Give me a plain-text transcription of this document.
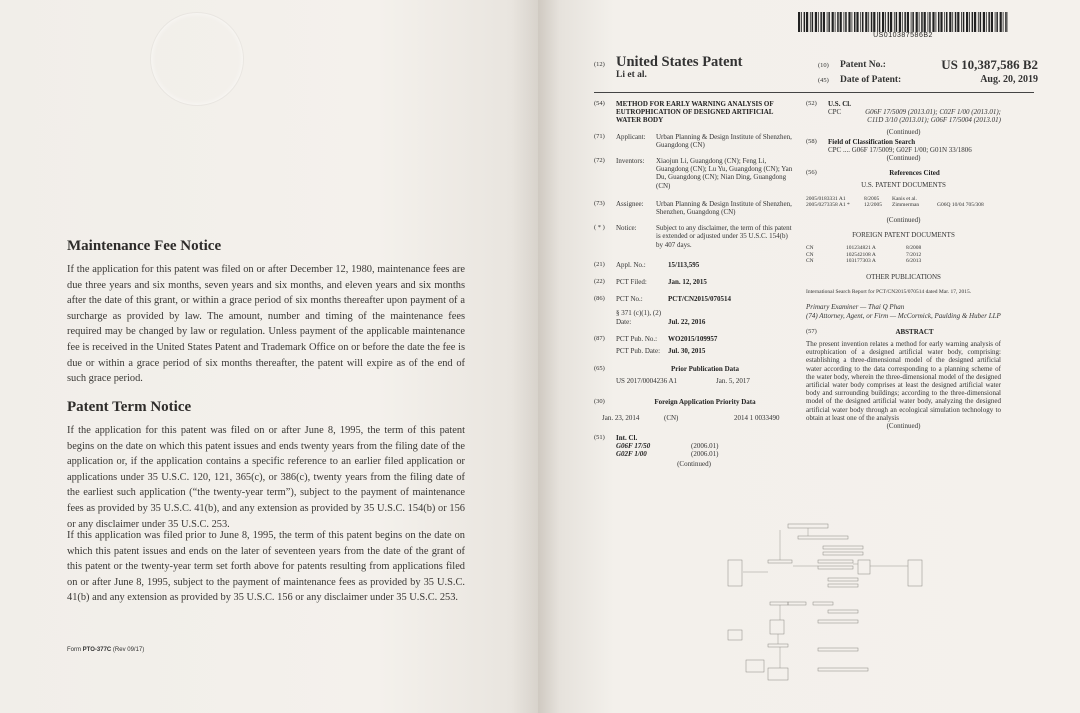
Maintenance Fee Notice

If the application for this patent was filed on or after December 12, 1980, maintenance fees are due three years and six months, seven years and six months, and eleven years and six months after the date of this grant, or within a grace period of six months thereafter upon payment of a surcharge as provided by law. The amount, number and timing of the maintenance fees required may be changed by law or regulation. Unless payment of the applicable maintenance fee is received in the United States Patent and Trademark Office on or before the date the fee is due or within a grace period of six months thereafter, the patent will expire as of the end of such grace period.

Patent Term Notice

If the application for this patent was filed on or after June 8, 1995, the term of this patent begins on the date on which this patent issues and ends twenty years from the filing date of the application or, if the application contains a specific reference to an earlier filed application or applications under 35 U.S.C. 120, 121, 365(c), or 386(c), twenty years from the filing date of the earliest such application (“the twenty-year term”), subject to the payment of maintenance fees as provided by 35 U.S.C. 41(b), and any extension as provided by 35 U.S.C. 154(b) or 156 or any disclaimer under 35 U.S.C. 253.

If this application was filed prior to June 8, 1995, the term of this patent begins on the date on which this patent issues and ends on the later of seventeen years from the date of the grant of this patent or the twenty-year term set forth above for patents resulting from applications filed on or after June 8, 1995, subject to the payment of maintenance fees as provided by 35 U.S.C. 41(b) and any extension as provided by 35 U.S.C. 156 or any disclaimer under 35 U.S.C. 253.

Form PTO-377C (Rev 09/17)
US010387586B2
(12) United States Patent
Li et al.
(10) Patent No.:	US 10,387,586 B2
(45) Date of Patent:	Aug. 20, 2019
(54)	METHOD FOR EARLY WARNING ANALYSIS OF EUTROPHICATION OF DESIGNED ARTIFICIAL WATER BODY
(71)	Applicant:	Urban Planning & Design Institute of Shenzhen, Guangdong (CN)
(72)	Inventors:	Xiaojun Li, Guangdong (CN); Feng Li, Guangdong (CN); Lu Yu, Guangdong (CN); Yan Du, Guangdong (CN); Nian Ding, Guangdong (CN)
(73)	Assignee:	Urban Planning & Design Institute of Shenzhen, Shenzhen, Guangdong (CN)
( * )	Notice:	Subject to any disclaimer, the term of this patent is extended or adjusted under 35 U.S.C. 154(b) by 407 days.
(21)	Appl. No.:	15/113,595
(22)	PCT Filed:	Jan. 12, 2015
(86)	PCT No.:	PCT/CN2015/070514
§ 371 (c)(1), (2) Date:	Jul. 22, 2016
(87)	PCT Pub. No.:	WO2015/109957
PCT Pub. Date:	Jul. 30, 2015
(65)	Prior Publication Data
US 2017/0004236 A1	Jan. 5, 2017
(30)	Foreign Application Priority Data
Jan. 23, 2014	(CN)	2014 1 0033490
(51)	Int. Cl.
G06F 17/50	(2006.01)
G02F 1/00	(2006.01)
(Continued)
(52)	U.S. Cl.
CPC	G06F 17/5009 (2013.01); C02F 1/00 (2013.01); C11D 3/10 (2013.01); G06F 17/5004 (2013.01)
(Continued)
(58)	Field of Classification Search
CPC .... G06F 17/5009; G02F 1/00; G01N 33/1806
(Continued)
(56)	References Cited
U.S. PATENT DOCUMENTS
2005/0183331 A1	8/2005	Kanis et al.
2005/0273358 A1 *	12/2005	Zimmerman	G06Q 10/04 705/308
(Continued)
FOREIGN PATENT DOCUMENTS
CN	101234821 A	8/2008
CN	102542108 A	7/2012
CN	103177303 A	6/2013
OTHER PUBLICATIONS
International Search Report for PCT/CN2015/070514 dated Mar. 17, 2015.
Primary Examiner — Thai Q Phan
(74) Attorney, Agent, or Firm — McCormick, Paulding & Huber LLP
(57)	ABSTRACT
The present invention relates a method for early warning analysis of eutrophication of a designed artificial water body, comprising: establishing a three-dimensional model of the designed artificial water according to the data corresponding to a planning scheme of the water body, wherein the three-dimensional model of the designed artificial water body comprises at least the designed artificial water body and surrounding buildings; according to the three-dimensional model of the designed artificial water body, analyzing the designed artificial water body through an ecological simulation technology to obtain at least one of the analysis
(Continued)
